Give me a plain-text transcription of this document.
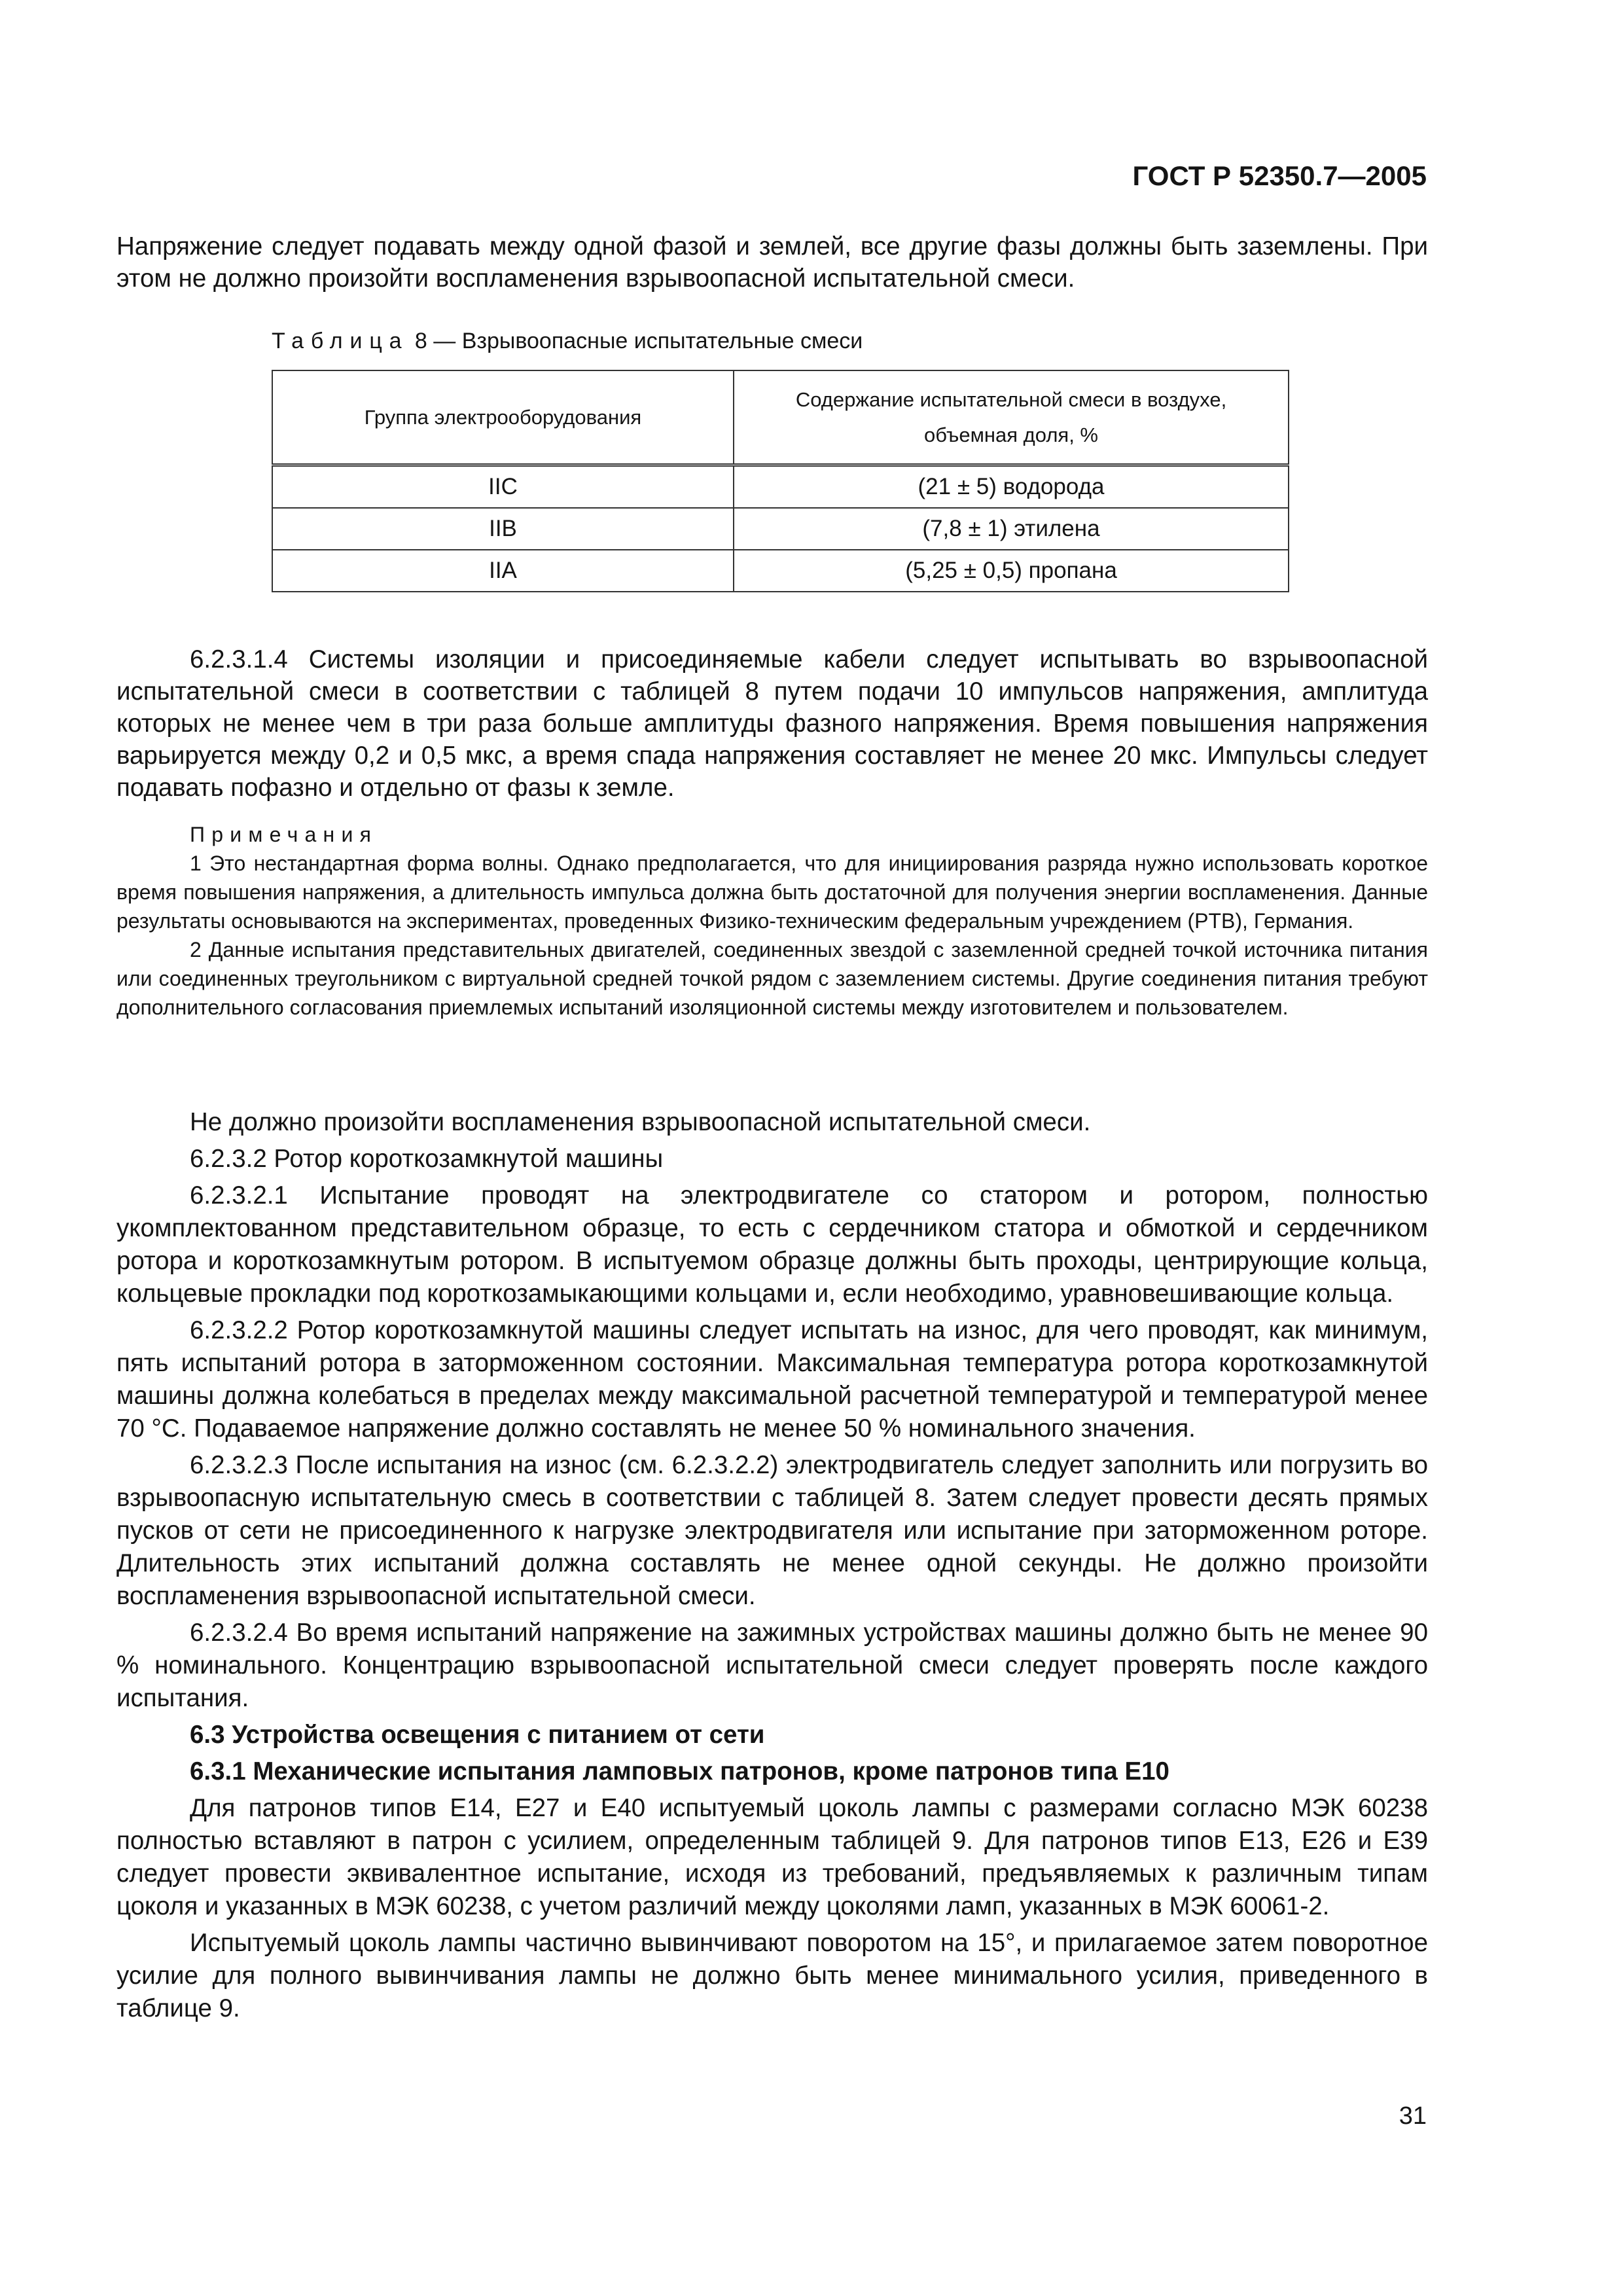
ГОСТ Р 52350.7—2005

Напряжение следует подавать между одной фазой и землей, все другие фазы должны быть заземлены. При этом не должно произойти воспламенения взрывоопасной испытательной смеси.

Таблица 8 — Взрывоопасные испытательные смеси
Группа электрооборудования	Содержание испытательной смеси в воздухе, объемная доля, %
IIC	(21 ± 5) водорода
IIB	(7,8 ± 1) этилена
IIA	(5,25 ± 0,5) пропана

6.2.3.1.4 Системы изоляции и присоединяемые кабели следует испытывать во взрывоопасной испытательной смеси в соответствии с таблицей 8 путем подачи 10 импульсов напряжения, амплитуда которых не менее чем в три раза больше амплитуды фазного напряжения. Время повышения напряжения варьируется между 0,2 и 0,5 мкс, а время спада напряжения составляет не менее 20 мкс. Импульсы следует подавать пофазно и отдельно от фазы к земле.

Примечания

1 Это нестандартная форма волны. Однако предполагается, что для инициирования разряда нужно использовать короткое время повышения напряжения, а длительность импульса должна быть достаточной для получения энергии воспламенения. Данные результаты основываются на экспериментах, проведенных Физико-техническим федеральным учреждением (PTB), Германия.

2 Данные испытания представительных двигателей, соединенных звездой с заземленной средней точкой источника питания или соединенных треугольником с виртуальной средней точкой рядом с заземлением системы. Другие соединения питания требуют дополнительного согласования приемлемых испытаний изоляционной системы между изготовителем и пользователем.

Не должно произойти воспламенения взрывоопасной испытательной смеси.

6.2.3.2 Ротор короткозамкнутой машины

6.2.3.2.1 Испытание проводят на электродвигателе со статором и ротором, полностью укомплектованном представительном образце, то есть с сердечником статора и обмоткой и сердечником ротора и короткозамкнутым ротором. В испытуемом образце должны быть проходы, центрирующие кольца, кольцевые прокладки под короткозамыкающими кольцами и, если необходимо, уравновешивающие кольца.

6.2.3.2.2 Ротор короткозамкнутой машины следует испытать на износ, для чего проводят, как минимум, пять испытаний ротора в заторможенном состоянии. Максимальная температура ротора короткозамкнутой машины должна колебаться в пределах между максимальной расчетной температурой и температурой менее 70 °С. Подаваемое напряжение должно составлять не менее 50 % номинального значения.

6.2.3.2.3 После испытания на износ (см. 6.2.3.2.2) электродвигатель следует заполнить или погрузить во взрывоопасную испытательную смесь в соответствии с таблицей 8. Затем следует провести десять прямых пусков от сети не присоединенного к нагрузке электродвигателя или испытание при заторможенном роторе. Длительность этих испытаний должна составлять не менее одной секунды. Не должно произойти воспламенения взрывоопасной испытательной смеси.

6.2.3.2.4 Во время испытаний напряжение на зажимных устройствах машины должно быть не менее 90 % номинального. Концентрацию взрывоопасной испытательной смеси следует проверять после каждого испытания.

6.3 Устройства освещения с питанием от сети

6.3.1 Механические испытания ламповых патронов, кроме патронов типа Е10

Для патронов типов Е14, Е27 и Е40 испытуемый цоколь лампы с размерами согласно МЭК 60238 полностью вставляют в патрон с усилием, определенным таблицей 9. Для патронов типов Е13, Е26 и Е39 следует провести эквивалентное испытание, исходя из требований, предъявляемых к различным типам цоколя и указанных в МЭК 60238, с учетом различий между цоколями ламп, указанных в МЭК 60061-2.

Испытуемый цоколь лампы частично вывинчивают поворотом на 15°, и прилагаемое затем поворотное усилие для полного вывинчивания лампы не должно быть менее минимального усилия, приведенного в таблице 9.

31
